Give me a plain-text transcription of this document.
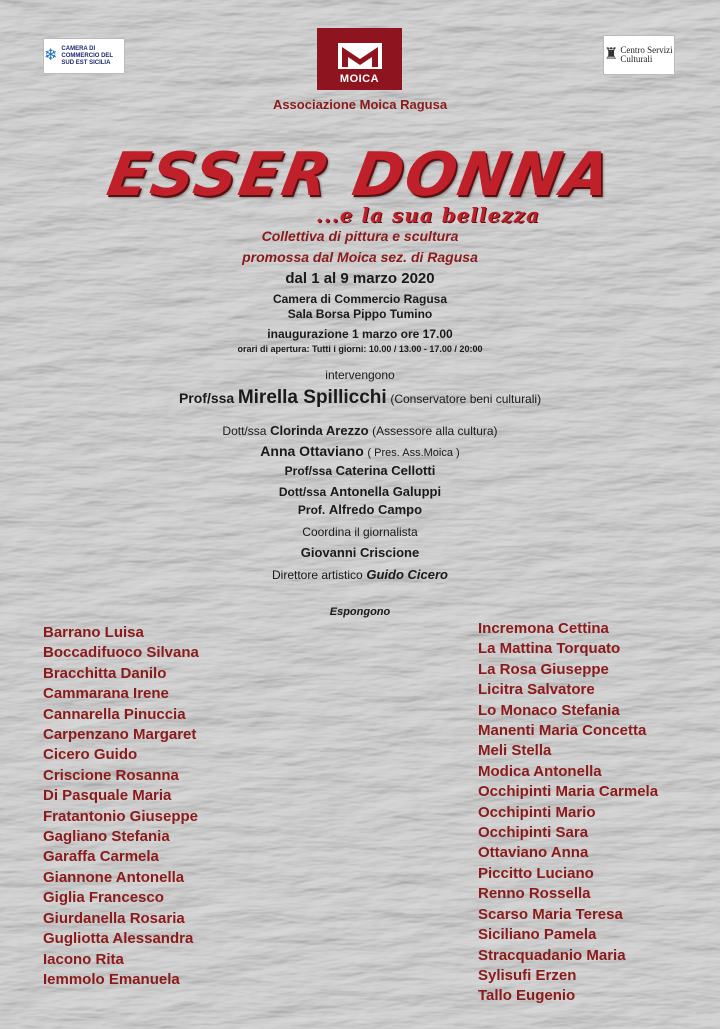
❄ CAMERA DI COMMERCIO DEL SUD EST SICILIA
MOICA
♜ Centro Servizi Culturali
Associazione Moica Ragusa
ESSER DONNA
...e la sua bellezza
Collettiva di pittura e scultura
promossa dal Moica sez. di Ragusa
dal 1 al 9 marzo 2020
Camera di Commercio Ragusa
Sala Borsa Pippo Tumino
inaugurazione 1 marzo ore 17.00
orari di apertura: Tutti i giorni: 10.00 / 13.00 - 17.00 / 20:00
intervengono
Prof/ssa Mirella Spillicchi (Conservatore beni culturali)
Dott/ssa Clorinda Arezzo (Assessore alla cultura)
Anna Ottaviano ( Pres. Ass.Moica )
Prof/ssa Caterina Cellotti
Dott/ssa Antonella Galuppi
Prof. Alfredo Campo
Coordina il giornalista
Giovanni Criscione
Direttore artistico Guido Cicero
Espongono
Barrano Luisa
Boccadifuoco Silvana
Bracchitta Danilo
Cammarana Irene
Cannarella Pinuccia
Carpenzano Margaret
Cicero Guido
Criscione Rosanna
Di Pasquale Maria
Fratantonio Giuseppe
Gagliano Stefania
Garaffa Carmela
Giannone Antonella
Giglia Francesco
Giurdanella Rosaria
Gugliotta Alessandra
Iacono Rita
Iemmolo Emanuela
Incremona Cettina
La Mattina Torquato
La Rosa Giuseppe
Licitra Salvatore
Lo Monaco Stefania
Manenti Maria Concetta
Meli Stella
Modica Antonella
Occhipinti Maria Carmela
Occhipinti Mario
Occhipinti Sara
Ottaviano Anna
Piccitto Luciano
Renno Rossella
Scarso Maria Teresa
Siciliano Pamela
Stracquadanio Maria
Sylisufi Erzen
Tallo Eugenio
